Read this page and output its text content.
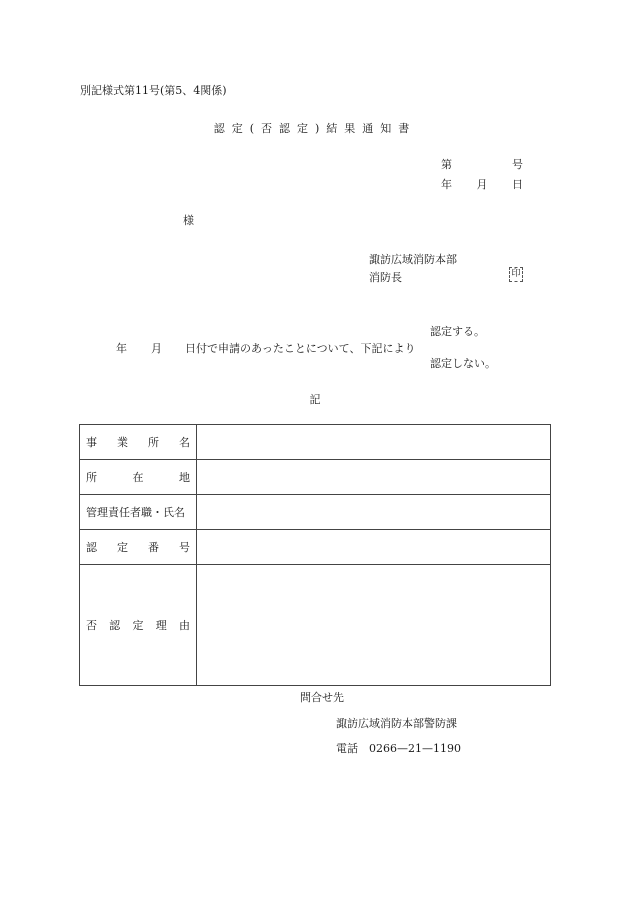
別記様式第11号(第5、4関係)
認定(否認定)結果通知書
第	号
年 月 日
様
諏訪広域消防本部
消防長	印
年 月 日付で申請のあったことについて、下記により
認定する。
認定しない。
記
事 業 所 名	

所 在 地	

管理責任者職・氏名	

認 定 番 号	

否 認 定 理 由	

問合せ先
諏訪広域消防本部警防課
電話　0266—21—1190
